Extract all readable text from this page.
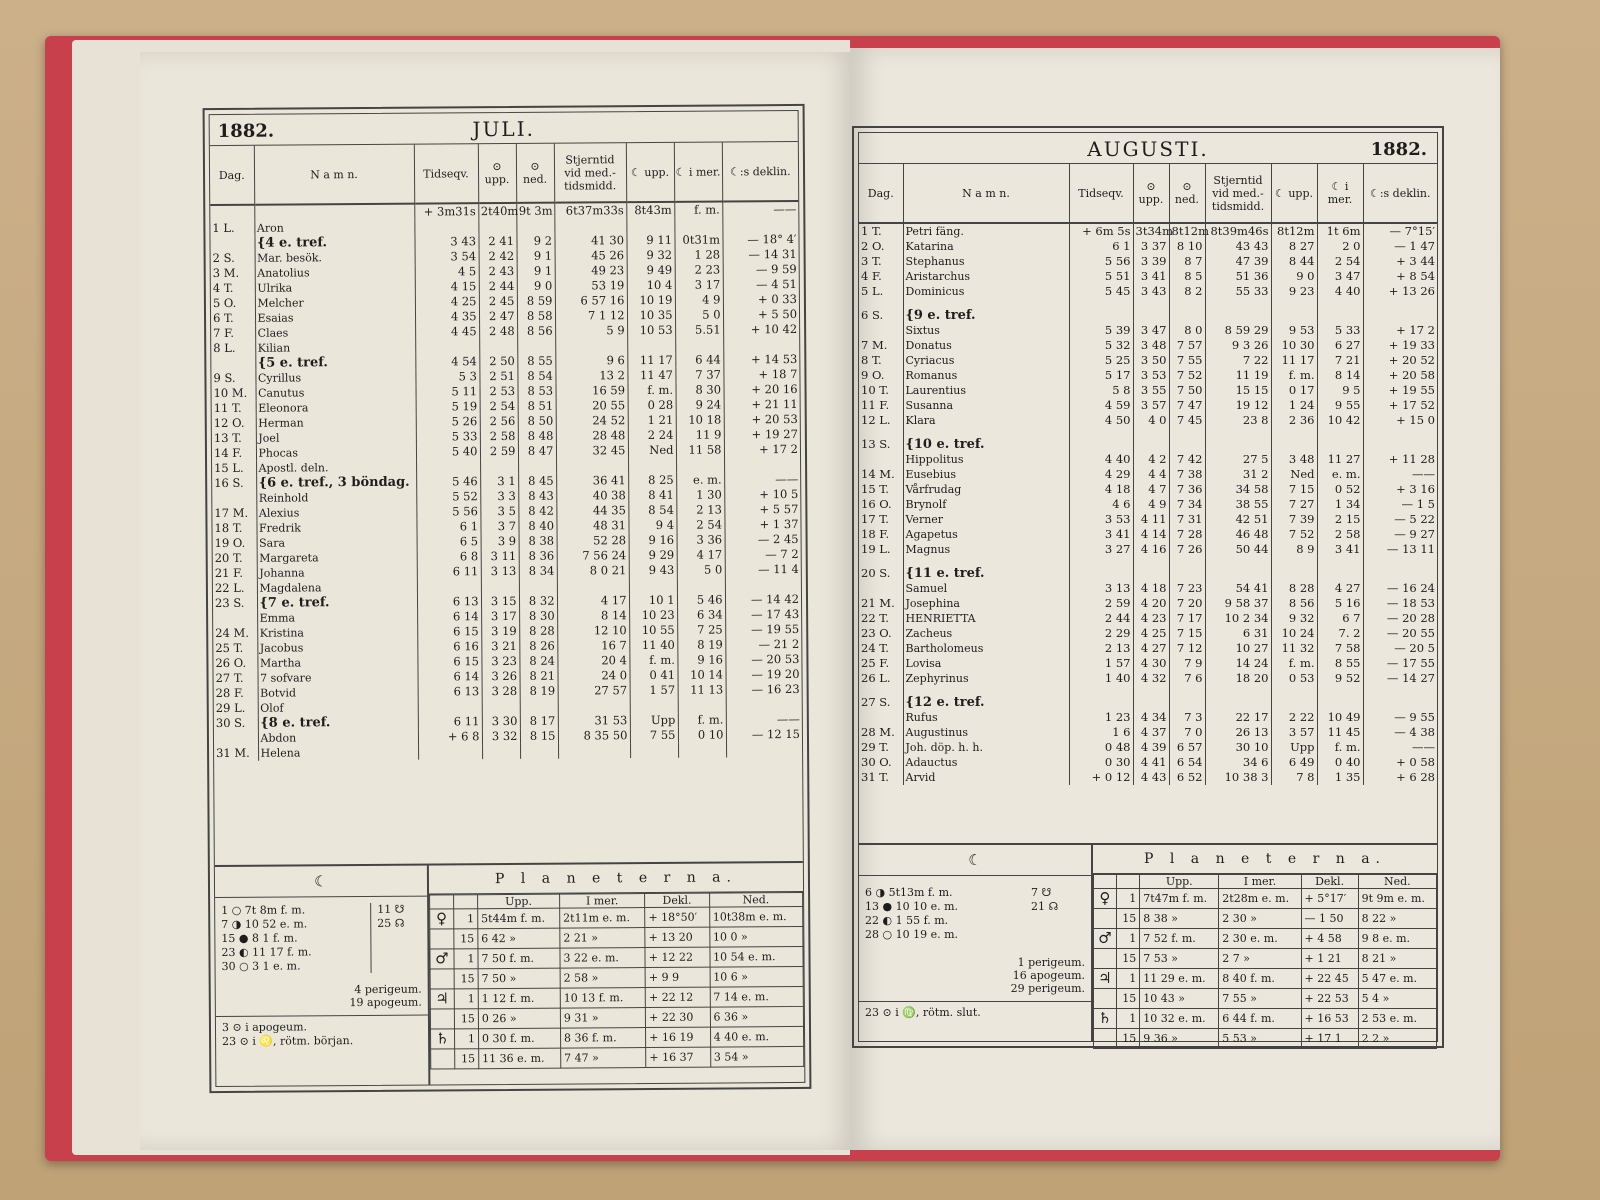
1882.	JULI.
Dag.	N a m n.	Tidseqv.	⊙ upp.	⊙ ned.	Stjerntid vid med.-tidsmidd.	☾ upp.	☾ i mer.	☾:s deklin.
		+ 3m31s	2t40m	9t 3m	6t37m33s	8t43m	f. m.	——
1 L.	Aron							
	{4 e. tref.	3 43	2 41	9 2	41 30	9 11	0t31m	— 18° 4′
2 S.	Mar. besök.	3 54	2 42	9 1	45 26	9 32	1 28	— 14 31
3 M.	Anatolius	4 5	2 43	9 1	49 23	9 49	2 23	— 9 59
4 T.	Ulrika	4 15	2 44	9 0	53 19	10 4	3 17	— 4 51
5 O.	Melcher	4 25	2 45	8 59	6 57 16	10 19	4 9	+ 0 33
6 T.	Esaias	4 35	2 47	8 58	7 1 12	10 35	5 0	+ 5 50
7 F.	Claes	4 45	2 48	8 56	5 9	10 53	5.51	+ 10 42
8 L.	Kilian							
	{5 e. tref.	4 54	2 50	8 55	9 6	11 17	6 44	+ 14 53
9 S.	Cyrillus	5 3	2 51	8 54	13 2	11 47	7 37	+ 18 7
10 M.	Canutus	5 11	2 53	8 53	16 59	f. m.	8 30	+ 20 16
11 T.	Eleonora	5 19	2 54	8 51	20 55	0 28	9 24	+ 21 11
12 O.	Herman	5 26	2 56	8 50	24 52	1 21	10 18	+ 20 53
13 T.	Joel	5 33	2 58	8 48	28 48	2 24	11 9	+ 19 27
14 F.	Phocas	5 40	2 59	8 47	32 45	Ned	11 58	+ 17 2
15 L.	Apostl. deln.							
16 S.	{6 e. tref., 3 böndag.	5 46	3 1	8 45	36 41	8 25	e. m.	——
	Reinhold	5 52	3 3	8 43	40 38	8 41	1 30	+ 10 5
17 M.	Alexius	5 56	3 5	8 42	44 35	8 54	2 13	+ 5 57
18 T.	Fredrik	6 1	3 7	8 40	48 31	9 4	2 54	+ 1 37
19 O.	Sara	6 5	3 9	8 38	52 28	9 16	3 36	— 2 45
20 T.	Margareta	6 8	3 11	8 36	7 56 24	9 29	4 17	— 7 2
21 F.	Johanna	6 11	3 13	8 34	8 0 21	9 43	5 0	— 11 4
22 L.	Magdalena							
23 S.	{7 e. tref.	6 13	3 15	8 32	4 17	10 1	5 46	— 14 42
	Emma	6 14	3 17	8 30	8 14	10 23	6 34	— 17 43
24 M.	Kristina	6 15	3 19	8 28	12 10	10 55	7 25	— 19 55
25 T.	Jacobus	6 16	3 21	8 26	16 7	11 40	8 19	— 21 2
26 O.	Martha	6 15	3 23	8 24	20 4	f. m.	9 16	— 20 53
27 T.	7 sofvare	6 14	3 26	8 21	24 0	0 41	10 14	— 19 20
28 F.	Botvid	6 13	3 28	8 19	27 57	1 57	11 13	— 16 23
29 L.	Olof							
30 S.	{8 e. tref.	6 11	3 30	8 17	31 53	Upp	f. m.	——
	Abdon	+ 6 8	3 32	8 15	8 35 50	7 55	0 10	— 12 15
31 M.	Helena							
☾
1 ○ 7t 8m f. m.
7 ◑ 10 52 e. m.
15 ● 8 1 f. m.
23 ◐ 11 17 f. m.
30 ○ 3 1 e. m.
11 ☋
25 ☊
4 perigeum.
19 apogeum.
3 ⊙ i apogeum.
23 ⊙ i ♌, rötm. början.
P l a n e t e r n a.
		Upp.	I mer.	Dekl.	Ned.
♀	1	5t44m f. m.	2t11m e. m.	+ 18°50′	10t38m e. m.
	15	6 42 »	2 21 »	+ 13 20	10 0 »
♂	1	7 50 f. m.	3 22 e. m.	+ 12 22	10 54 e. m.
	15	7 50 »	2 58 »	+ 9 9	10 6 »
♃	1	1 12 f. m.	10 13 f. m.	+ 22 12	7 14 e. m.
	15	0 26 »	9 31 »	+ 22 30	6 36 »
♄	1	0 30 f. m.	8 36 f. m.	+ 16 19	4 40 e. m.
	15	11 36 e. m.	7 47 »	+ 16 37	3 54 »
AUGUSTI.	1882.
Dag.	N a m n.	Tidseqv.	⊙ upp.	⊙ ned.	Stjerntid vid med.-tidsmidd.	☾ upp.	☾ i mer.	☾:s deklin.
1 T.	Petri fäng.	+ 6m 5s	3t34m	8t12m	8t39m46s	8t12m	1t 6m	— 7°15′
2 O.	Katarina	6 1	3 37	8 10	43 43	8 27	2 0	— 1 47
3 T.	Stephanus	5 56	3 39	8 7	47 39	8 44	2 54	+ 3 44
4 F.	Aristarchus	5 51	3 41	8 5	51 36	9 0	3 47	+ 8 54
5 L.	Dominicus	5 45	3 43	8 2	55 33	9 23	4 40	+ 13 26

6 S.	{9 e. tref.							
	Sixtus	5 39	3 47	8 0	8 59 29	9 53	5 33	+ 17 2
7 M.	Donatus	5 32	3 48	7 57	9 3 26	10 30	6 27	+ 19 33
8 T.	Cyriacus	5 25	3 50	7 55	7 22	11 17	7 21	+ 20 52
9 O.	Romanus	5 17	3 53	7 52	11 19	f. m.	8 14	+ 20 58
10 T.	Laurentius	5 8	3 55	7 50	15 15	0 17	9 5	+ 19 55
11 F.	Susanna	4 59	3 57	7 47	19 12	1 24	9 55	+ 17 52
12 L.	Klara	4 50	4 0	7 45	23 8	2 36	10 42	+ 15 0

13 S.	{10 e. tref.							
	Hippolitus	4 40	4 2	7 42	27 5	3 48	11 27	+ 11 28
14 M.	Eusebius	4 29	4 4	7 38	31 2	Ned	e. m.	——
15 T.	Vårfrudag	4 18	4 7	7 36	34 58	7 15	0 52	+ 3 16
16 O.	Brynolf	4 6	4 9	7 34	38 55	7 27	1 34	— 1 5
17 T.	Verner	3 53	4 11	7 31	42 51	7 39	2 15	— 5 22
18 F.	Agapetus	3 41	4 14	7 28	46 48	7 52	2 58	— 9 27
19 L.	Magnus	3 27	4 16	7 26	50 44	8 9	3 41	— 13 11

20 S.	{11 e. tref.							
	Samuel	3 13	4 18	7 23	54 41	8 28	4 27	— 16 24
21 M.	Josephina	2 59	4 20	7 20	9 58 37	8 56	5 16	— 18 53
22 T.	HENRIETTA	2 44	4 23	7 17	10 2 34	9 32	6 7	— 20 28
23 O.	Zacheus	2 29	4 25	7 15	6 31	10 24	7. 2	— 20 55
24 T.	Bartholomeus	2 13	4 27	7 12	10 27	11 32	7 58	— 20 5
25 F.	Lovisa	1 57	4 30	7 9	14 24	f. m.	8 55	— 17 55
26 L.	Zephyrinus	1 40	4 32	7 6	18 20	0 53	9 52	— 14 27

27 S.	{12 e. tref.							
	Rufus	1 23	4 34	7 3	22 17	2 22	10 49	— 9 55
28 M.	Augustinus	1 6	4 37	7 0	26 13	3 57	11 45	— 4 38
29 T.	Joh. döp. h. h.	0 48	4 39	6 57	30 10	Upp	f. m.	——
30 O.	Adauctus	0 30	4 41	6 54	34 6	6 49	0 40	+ 0 58
31 T.	Arvid	+ 0 12	4 43	6 52	10 38 3	7 8	1 35	+ 6 28
☾
6 ◑ 5t13m f. m.
13 ● 10 10 e. m.
22 ◐ 1 55 f. m.
28 ○ 10 19 e. m.
7 ☋
21 ☊
1 perigeum.
16 apogeum.
29 perigeum.
23 ⊙ i ♍, rötm. slut.
P l a n e t e r n a.
		Upp.	I mer.	Dekl.	Ned.
♀	1	7t47m f. m.	2t28m e. m.	+ 5°17′	9t 9m e. m.
	15	8 38 »	2 30 »	— 1 50	8 22 »
♂	1	7 52 f. m.	2 30 e. m.	+ 4 58	9 8 e. m.
	15	7 53 »	2 7 »	+ 1 21	8 21 »
♃	1	11 29 e. m.	8 40 f. m.	+ 22 45	5 47 e. m.
	15	10 43 »	7 55 »	+ 22 53	5 4 »
♄	1	10 32 e. m.	6 44 f. m.	+ 16 53	2 53 e. m.
	15	9 36 »	5 53 »	+ 17 1	2 2 »
